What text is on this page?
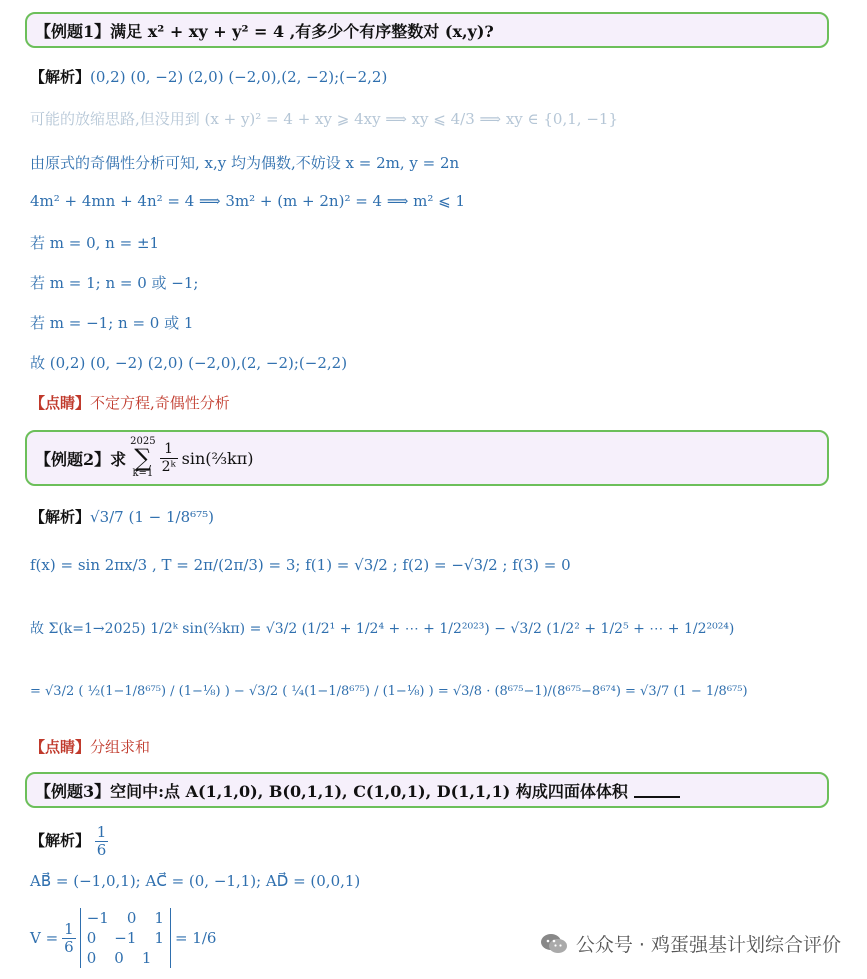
【例题1】满足 x² + xy + y² = 4 ,有多少个有序整数对 (x,y)?
【解析】(0,2) (0, −2) (2,0) (−2,0),(2, −2);(−2,2)
可能的放缩思路,但没用到 (x + y)² = 4 + xy ⩾ 4xy ⟹ xy ⩽ 4/3 ⟹ xy ∈ {0,1, −1}
由原式的奇偶性分析可知, x,y 均为偶数,不妨设 x = 2m, y = 2n
4m² + 4mn + 4n² = 4 ⟹ 3m² + (m + 2n)² = 4 ⟹ m² ⩽ 1
若 m = 0, n = ±1
若 m = 1; n = 0 或 −1;
若 m = −1; n = 0 或 1
故 (0,2) (0, −2) (2,0) (−2,0),(2, −2);(−2,2)
【点睛】不定方程,奇偶性分析
【例题2】求
2025
∑
$k=1 \frac{1}{\text{2ᵏ}}$ sin(⅔kπ)
【解析】√3/7 (1 − 1/8⁶⁷⁵)
f(x) = sin 2πx/3 , T = 2π/(2π/3) = 3; f(1) = √3/2 ; f(2) = −√3/2 ; f(3) = 0
故 Σ(k=1→2025) 1/2ᵏ sin(⅔kπ) = √3/2 (1/2¹ + 1/2⁴ + ⋯ + 1/2²⁰²³) − √3/2 (1/2² + 1/2⁵ + ⋯ + 1/2²⁰²⁴)
= √3/2 ( ½(1−1/8⁶⁷⁵) / (1−⅛) ) − √3/2 ( ¼(1−1/8⁶⁷⁵) / (1−⅛) ) = √3/8 · (8⁶⁷⁵−1)/(8⁶⁷⁵−8⁶⁷⁴) = √3/7 (1 − 1/8⁶⁷⁵)
【点睛】分组求和
【例题3】空间中:点 A(1,1,0), B(0,1,1), C(1,0,1), D(1,1,1) 构成四面体体积
【解析】 $\frac{1}{6}$
AB⃗ = (−1,0,1); AC⃗ = (0, −1,1); AD⃗ = (0,0,1)
$V = \frac{1}{6}$
−1 0 1
0 −1 1
0 0 1
= 1/6	公众号 · 鸡蛋强基计划综合评价
